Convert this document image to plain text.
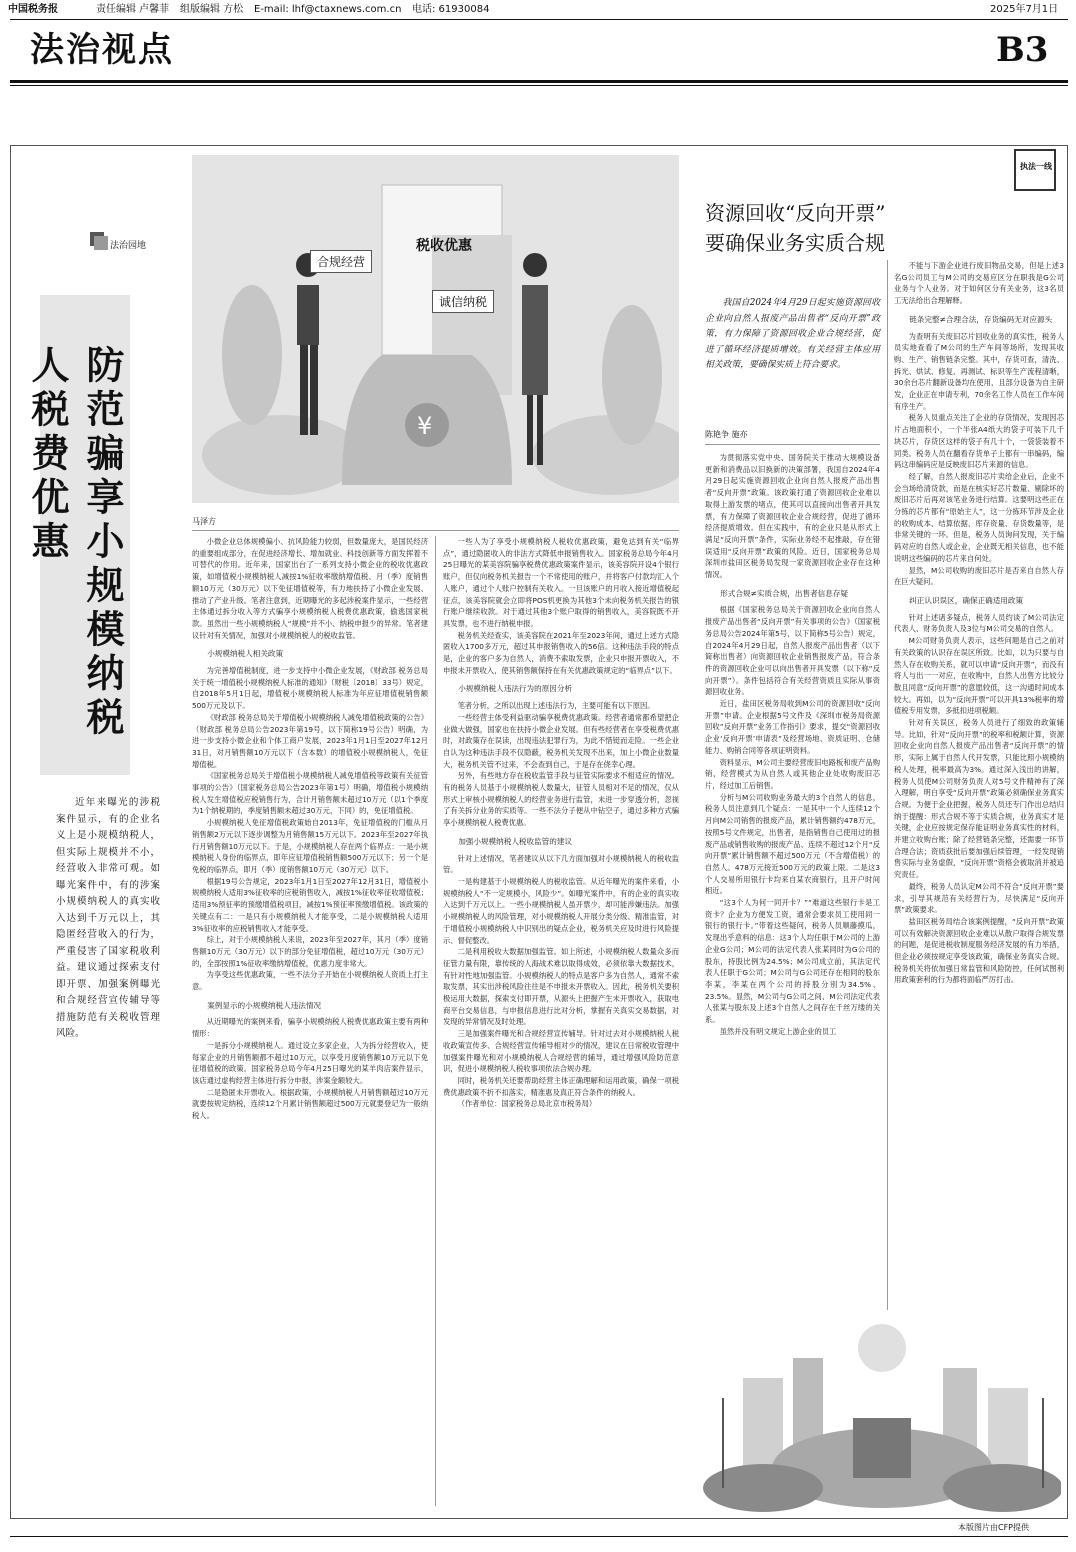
中国税务报	责任编辑 卢馨菲 组版编辑 方松 E-mail: lhf@ctaxnews.com.cn 电话: 61930084	2025年7月1日
法治视点	B3
法治园地
防范骗享小规模纳税人税费优惠
近年来曝光的涉税案件显示，有的企业名义上是小规模纳税人，但实际上规模并不小，经营收入非常可观。如曝光案件中，有的涉案小规模纳税人的真实收入达到千万元以上，其隐匿经营收入的行为，严重侵害了国家税收利益。建议通过探索支付即开票、加强案例曝光和合规经营宣传辅导等措施防范有关税收管理风险。
¥
合规经营
税收优惠
诚信纳税
马泽方

小微企业总体规模偏小、抗风险能力较弱，但数量庞大，是国民经济的重要组成部分，在促进经济增长、增加就业、科技创新等方面发挥着不可替代的作用。近年来，国家出台了一系列支持小微企业的税收优惠政策，如增值税小规模纳税人减按1%征收率缴纳增值税、月（季）度销售额10万元（30万元）以下免征增值税等，有力地扶持了小微企业发展、推动了产业升级。笔者注意到，近期曝光的多起涉税案件显示，一些经营主体通过拆分收入等方式骗享小规模纳税人税费优惠政策，偷逃国家税款。虽然出一些小规模纳税人“规模”并不小、纳税申报少的异常。笔者建议针对有关情况，加强对小规模纳税人的税收监管。

小规模纳税人相关政策

为完善增值税制度，进一步支持中小微企业发展，《财政部 税务总局关于统一增值税小规模纳税人标准的通知》（财税〔2018〕33号）规定，自2018年5月1日起，增值税小规模纳税人标准为年应征增值税销售额500万元及以下。

《财政部 税务总局关于增值税小规模纳税人减免增值税政策的公告》（财政部 税务总局公告2023年第19号，以下简称19号公告）明确，为进一步支持小微企业和个体工商户发展，2023年1月1日至2027年12月31日，对月销售额10万元以下（含本数）的增值税小规模纳税人，免征增值税。

《国家税务总局关于增值税小规模纳税人减免增值税等政策有关征管事项的公告》（国家税务总局公告2023年第1号）明确，增值税小规模纳税人发生增值税应税销售行为，合计月销售额未超过10万元（以1个季度为1个纳税期的，季度销售额未超过30万元，下同）的，免征增值税。

小规模纳税人免征增值税政策始自2013年，免征增值税的门槛从月销售额2万元以下逐步调整为月销售额15万元以下。2023年至2027年执行月销售额10万元以下。于是，小规模纳税人存在两个临界点：一是小规模纳税人身份的临界点，即年应征增值税销售额500万元以下；另一个是免税的临界点，即月（季）度销售额10万元（30万元）以下。

根据19号公告规定，2023年1月1日至2027年12月31日，增值税小规模纳税人适用3%征收率的应税销售收入，减按1%征收率征收增值税；适用3%预征率的预缴增值税项目，减按1%预征率预缴增值税。该政策的关键点有二：一是只有小规模纳税人才能享受，二是小规模纳税人适用3%征收率的应税销售收入才能享受。

综上，对于小规模纳税人来说，2023年至2027年，其月（季）度销售额10万元（30万元）以下的部分免征增值税，超过10万元（30万元）的，全部按照1%征收率缴纳增值税，优惠力度非常大。

为享受这些优惠政策，一些不法分子开始在小规模纳税人资质上打主意。

案例显示的小规模纳税人违法情况

从近期曝光的案例来看，骗享小规模纳税人税费优惠政策主要有两种情形：

一是拆分小规模纳税人。通过设立多家企业，人为拆分经营收入，使每家企业的月销售额都不超过10万元，以享受月度销售额10万元以下免征增值税的政策。国家税务总局今年4月25日曝光的某羊肉店案件显示，该店通过虚构经营主体进行拆分申报，涉案金额较大。

二是隐匿未开票收入。根据政策，小规模纳税人月销售额超过10万元就要按规定纳税，连续12个月累计销售额超过500万元就要登记为一般纳税人。

一些人为了享受小规模纳税人税收优惠政策，避免达到有关“临界点”，通过隐匿收入的非法方式降低申报销售收入。国家税务总局今年4月25日曝光的某美容院骗享税费优惠政策案件显示，该美容院开设4个银行账户，但仅向税务机关报告一个不常使用的账户，并将客户付款均汇入个人账户，通过个人账户控制有关收入。一旦该账户的月收入接近增值税起征点，该美容院就会立即将POS机更换为其他3个未向税务机关报告的银行账户继续收款。对于通过其他3个账户取得的销售收入，美容院既不开具发票，也不进行纳税申报。

税务机关经查实，该美容院在2021年至2023年间，通过上述方式隐匿收入1700多万元，超过其申报销售收入的56倍。这种违法手段的特点是，企业的客户多为自然人，消费不索取发票，企业只申报开票收入，不申报未开票收入，使其销售额保持在有关优惠政策规定的“临界点”以下。

小规模纳税人违法行为的原因分析

笔者分析，之所以出现上述违法行为，主要可能有以下原因。

一些经营主体受利益驱动骗享税费优惠政策。经营者通常都希望把企业做大做强，国家也在扶持小微企业发展。但有些经营者在享受税费优惠时，对政策存在误读，出现违法犯罪行为，为此不惜铤而走险。一些企业自认为这种违法手段不仅隐蔽，税务机关发现不出来，加上小微企业数量大，税务机关管不过来，不会查到自己，于是存在侥幸心理。

另外，有些地方存在税收监管手段与征管实际要求不相适应的情况。有的税务人员基于小规模纳税人数量大，征管人员相对不足的情况，仅从形式上审核小规模纳税人的经营业务进行监管，未进一步穿透分析，忽视了有关拆分业务的实质等。一些不法分子便从中钻空子，通过多种方式骗享小规模纳税人税费优惠。

加强小规模纳税人税收监管的建议

针对上述情况，笔者建议从以下几方面加强对小规模纳税人的税收监管。

一是构建基于小规模纳税人的税收监管。从近年曝光的案件来看，小规模纳税人“不一定规模小，风险少”。如曝光案件中，有的企业的真实收入达到千万元以上。一些小规模纳税人虽开票少，却可能涉嫌违法。加强小规模纳税人的风险管理，对小规模纳税人开展分类分级、精准监管，对于增值税小规模纳税人中识别出的疑点企业，税务机关应及时进行风险提示、督促整改。

二是利用税收大数据加强监管。如上所述，小规模纳税人数量众多而征管力量有限，靠传统的人海战术难以取得成效，必须依靠大数据技术，有针对性地加强监管。小规模纳税人的特点是客户多为自然人，通常不索取发票，其实出涉税风险往往是不申报未开票收入。因此，税务机关要积极运用大数据，探索支付即开票，从源头上把握产生未开票收入，获取电商平台交易信息，与申报信息进行比对分析，掌握有关真实交易数据，对发现的异常情况及时处理。

三是加强案件曝光和合规经营宣传辅导。针对过去对小规模纳税人税收政策宣传多、合规经营宣传辅导相对少的情况，建议在日常税收管理中加强案件曝光和对小规模纳税人合规经营的辅导，通过增强风险防范意识，促进小规模纳税人税收事项依法合规办理。

同时，税务机关还要帮助经营主体正确理解和运用政策，确保一项税费优惠政策不折不扣落实，精准惠及真正符合条件的纳税人。

（作者单位：国家税务总局北京市税务局）

执法一线
资源回收“反向开票”
要确保业务实质合规
我国自2024年4月29日起实施资源回收企业向自然人报废产品出售者“反向开票”政策，有力保障了资源回收企业合规经营，促进了循环经济提质增效。有关经营主体应用相关政策，要确保实质上符合要求。
陈艳争 施亦

为贯彻落实党中央、国务院关于推动大规模设备更新和消费品以旧换新的决策部署，我国自2024年4月29日起实施资源回收企业向自然人报废产品出售者“反向开票”政策。该政策打通了资源回收企业难以取得上游发票的堵点，使其可以直接向出售者开具发票，有力保障了资源回收企业合规经营，促进了循环经济提质增效。但在实践中，有的企业只是从形式上满足“反向开票”条件，实际业务经不起推敲，存在错误适用“反向开票”政策的风险。近日，国家税务总局深圳市盐田区税务局发现一家资源回收企业存在这种情况。

形式合规≠实质合规，出售者信息存疑

根据《国家税务总局关于资源回收企业向自然人报废产品出售者“反向开票”有关事项的公告》（国家税务总局公告2024年第5号，以下简称5号公告）规定，自2024年4月29日起，自然人报废产品出售者（以下简称出售者）向资源回收企业销售报废产品，符合条件的资源回收企业可以向出售者开具发票（以下称“反向开票”）。条件包括符合有关经营资质且实际从事资源回收业务。

近日，盐田区税务局收到M公司的资源回收“反向开票”申请。企业根据5号文件及《深圳市税务局资源回收“反向开票”业务工作指引》要求，提交“资源回收企业‘反向开票’申请表”及经营场地、资质证明、仓储能力、购销合同等各项证明资料。

资料显示，M公司主要经营废旧电路板和废产品购销，经营模式为从自然人或其他企业处收购废旧芯片，经过加工后销售。

分析与M公司收购业务最大的3个自然人的信息，税务人员注意到几个疑点：一是其中一个人连续12个月向M公司销售的报废产品，累计销售额约478万元，按照5号文件规定，出售者，是指销售自己使用过的报废产品或销售收购的报废产品、连续不超过12个月“反向开票”累计销售额不超过500万元（不含增值税）的自然人。478万元接近500万元的政策上限。二是这3个人交易所用银行卡均来自某农商银行，且开户时间相近。

“这3个人为何一同开卡？”“难道这些银行卡是工资卡？企业为方便发工资，通常会要求员工使用同一银行的银行卡。”带着这些疑问，税务人员顺藤摸瓜，发现出乎意料的信息：这3个人均任职于M公司的上游企业G公司；M公司的法定代表人张某同时为G公司的股东，持股比例为24.5%；M公司成立前，其法定代表人任职于G公司；M公司与G公司还存在相同的股东李某，李某在两个公司的持股分别为34.5%、23.5%。显然，M公司与G公司之间、M公司法定代表人张某与股东及上述3个自然人之间存在千丝万缕的关系。

虽然并没有明文规定上游企业的员工

不能与下游企业进行废旧物品交易，但是上述3名G公司员工与M公司的交易应区分在职我是G公司业务与个人业务。对于如何区分有关业务，这3名员工无法给出合理解释。

链条完整≠合理合法，存货编码无对应源头

为查明有关废旧芯片回收业务的真实性，税务人员实地查看了M公司的生产车间等场所，发现其收购、生产、销售链条完整。其中，存货可查，清洗、拆光、烘试、修复、再测试、标识等生产流程清晰，30余台芯片翻新设备均在使用，且部分设备为自主研发，企业正在申请专利，70余名工作人员在工作车间有序生产。

税务人员重点关注了企业的存货情况，发现因芯片占地面积小，一个半张A4纸大的袋子可装下几千块芯片，存货区这样的袋子有几十个，一袋袋装着不同类。税务人员在翻看存货单子上都有一串编码，编码这串编码应是反映废旧芯片来源的信息。

经了解，自然人报废旧芯片卖给企业后，企业不会当场给清货款，而是在核实好芯片数量、剔除坏的废旧芯片后再对该笔业务进行结算。这要明这些正在分拣的芯片都有“原始主人”，这一分拣环节涉及企业的收购成本、结算依据、库存资量、存货数量等，是非常关键的一环。但是，税务人员询问发现，关于编码对应的自然人或企业，企业既无相关信息，也不能说明这些编码的芯片来自何处。

显然，M公司收购的废旧芯片是否来自自然人存在巨大疑问。

纠正认识误区，确保正确适用政策

针对上述诸多疑点，税务人员约谈了M公司法定代表人、财务负责人及3位与M公司交易的自然人。

M公司财务负责人表示，这些问题是自己之前对有关政策的认识存在误区所致。比如，以为只要与自然人存在收购关系，就可以申请“反向开票”，而没有将人与出一一对应，在收购中，自然人出售方比较分散且同意“反向开票”的意愿较低，这一沟通时间成本较大。再如，以为“反向开票”可以开具13%税率的增值税专用发票，多抵扣进项税额。

针对有关误区，税务人员进行了细致的政策辅导。比如，针对“反向开票”的税率和税额计算，资源回收企业向自然人报废产品出售者“反向开票”的情形，实际上属于自然人代开发票，只能比照小规模纳税人处理，税率最高为3%。通过深入浅出的讲解，税务人员使M公司财务负责人对5号文件精神有了深入理解，明白享受“反向开票”政策必须确保业务真实合规。为便于企业把握，税务人员还专门作出总结归纳于提醒：形式合规不等于实质合规，业务真实才是关键，企业应按规定保存能证明业务真实性的材料，并建立收购台账；除了经营链条完整，还需要一环节合理合法；资质获批后要加强后续管理，一经发现销售实际与业务虚假，“反向开票”资格会被取消并被追究责任。

最终，税务人员认定M公司不符合“反向开票”要求，引导其规范有关经营行为，尽快满足“反向开票”政策要求。

盐田区税务局结合该案例提醒，“反向开票”政策可以有效解决资源回收企业难以从散户取得合规发票的问题，是促进税收制度服务经济发展的有力举措，但企业必须按规定享受该政策，确保业务真实合规。税务机关将依加强日常监管和风险防控，任何试图利用政策套利的行为都将面临严厉打击。

本版图片由CFP提供
